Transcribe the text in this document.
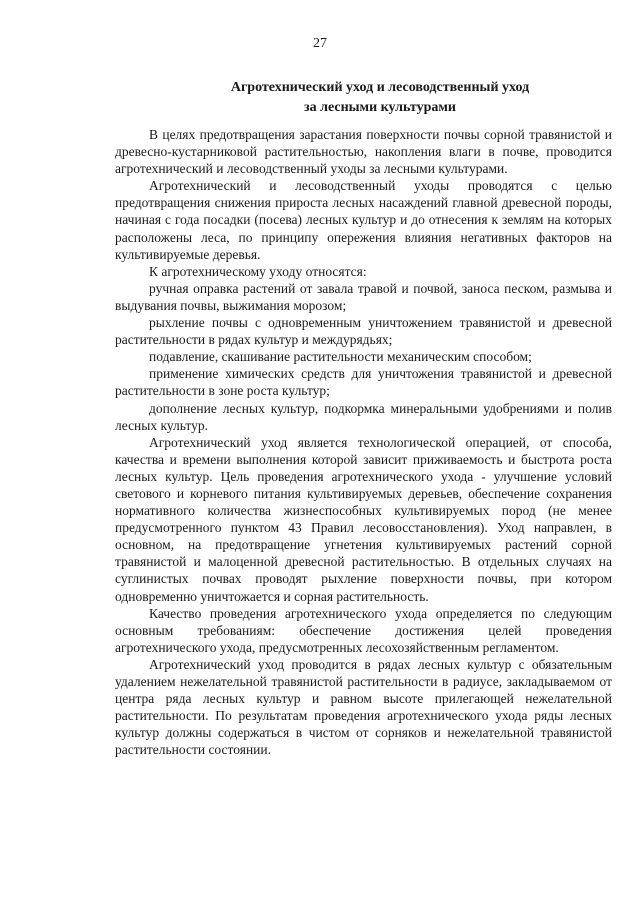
27
Агротехнический уход и лесоводственный уход
за лесными культурами

В целях предотвращения зарастания поверхности почвы сорной травянистой и древесно-кустарниковой растительностью, накопления влаги в почве, проводится агротехнический и лесоводственный уходы за лесными культурами.

Агротехнический и лесоводственный уходы проводятся с целью предотвращения снижения прироста лесных насаждений главной древесной породы, начиная с года посадки (посева) лесных культур и до отнесения к землям на которых расположены леса, по принципу опережения влияния негативных факторов на культивируемые деревья.

К агротехническому уходу относятся:

ручная оправка растений от завала травой и почвой, заноса песком, размыва и выдувания почвы, выжимания морозом;

рыхление почвы с одновременным уничтожением травянистой и древесной растительности в рядах культур и междурядьях;

подавление, скашивание растительности механическим способом;

применение химических средств для уничтожения травянистой и древесной растительности в зоне роста культур;

дополнение лесных культур, подкормка минеральными удобрениями и полив лесных культур.

Агротехнический уход является технологической операцией, от способа, качества и времени выполнения которой зависит приживаемость и быстрота роста лесных культур. Цель проведения агротехнического ухода - улучшение условий светового и корневого питания культивируемых деревьев, обеспечение сохранения нормативного количества жизнеспособных культивируемых пород (не менее предусмотренного пунктом 43 Правил лесовосстановления). Уход направлен, в основном, на предотвращение угнетения культивируемых растений сорной травянистой и малоценной древесной растительностью. В отдельных случаях на суглинистых почвах проводят рыхление поверхности почвы, при котором одновременно уничтожается и сорная растительность.

Качество проведения агротехнического ухода определяется по следующим основным требованиям: обеспечение достижения целей проведения агротехнического ухода, предусмотренных лесохозяйственным регламентом.

Агротехнический уход проводится в рядах лесных культур с обязательным удалением нежелательной травянистой растительности в радиусе, закладываемом от центра ряда лесных культур и равном высоте прилегающей нежелательной растительности. По результатам проведения агротехнического ухода ряды лесных культур должны содержаться в чистом от сорняков и нежелательной травянистой растительности состоянии.
